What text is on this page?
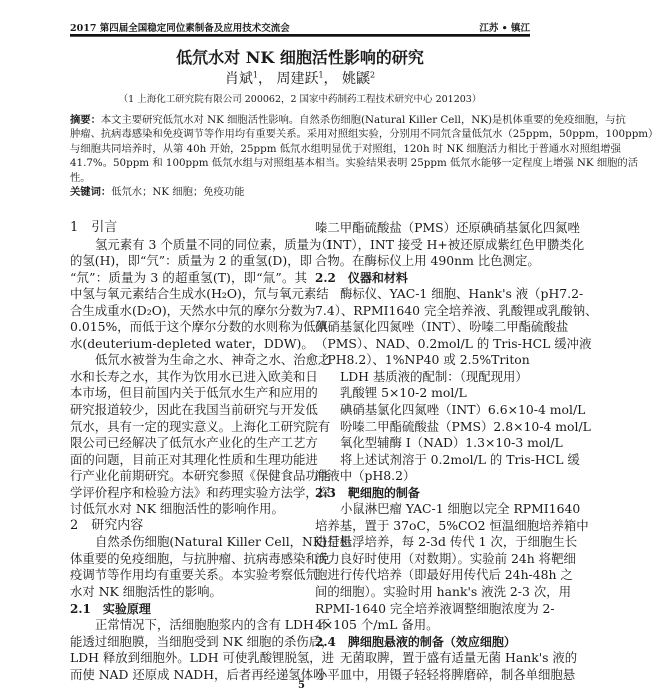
2017 第四届全国稳定同位素制备及应用技术交流会	江苏 • 镇江
低氘水对 NK 细胞活性影响的研究
肖斌$^1$， 周建跃$^1$， 姚鼷$^2$
（1 上海化工研究院有限公司 200062，2 国家中药制药工程技术研究中心 201203）
摘要：本文主要研究低氘水对 NK 细胞活性影响。自然杀伤细胞(Natural Killer Cell，NK)是机体重要的免疫细胞，与抗
肿瘤、抗病毒感染和免疫调节等作用均有重要关系。采用对照组实验，分别用不同氘含量低氘水（25ppm，50ppm，100ppm）
与细胞共同培养时，从第 40h 开始，25ppm 低氘水组明显优于对照组，120h 时 NK 细胞活力相比于普通水对照组增强
41.7%。50ppm 和 100ppm 低氘水组与对照组基本相当。实验结果表明 25ppm 低氘水能够一定程度上增强 NK 细胞的活
性。
关键词：低氘水；NK 细胞；免疫功能
1　引言
氢元素有 3 个质量不同的同位素，质量为 1
的氢(H)，即“氕”：质量为 2 的重氢(D)，即
“氘”：质量为 3 的超重氢(T)，即“氚”。其
中氢与氧元素结合生成水(H₂O)，氘与氧元素结
合生成重水(D₂O)，天然水中氘的摩尔分数为
0.015%，而低于这个摩尔分数的水则称为低氘
水(deuterium-depleted water，DDW)。
低氘水被誉为生命之水、神奇之水、治愈之
水和长寿之水，其作为饮用水已进入欧美和日
本市场，但目前国内关于低氘水生产和应用的
研究报道较少，因此在我国当前研究与开发低
氘水，具有一定的现实意义。上海化工研究院有
限公司已经解决了低氘水产业化的生产工艺方
面的问题，目前正对其理化性质和生理功能进
行产业化前期研究。本研究参照《保健食品功能
学评价程序和检验方法》和药理实验方法学，探
讨低氘水对 NK 细胞活性的影响作用。
2　研究内容
自然杀伤细胞(Natural Killer Cell，NK)是机
体重要的免疫细胞，与抗肿瘤、抗病毒感染和免
疫调节等作用均有重要关系。本实验考察低氘
水对 NK 细胞活性的影响。
2.1　实验原理
正常情况下，活细胞胞浆内的含有 LDH 不
能透过细胞膜，当细胞受到 NK 细胞的杀伤后，
LDH 释放到细胞外。LDH 可使乳酸锂脱氢，进
而使 NAD 还原成 NADH，后者再经递氢体吩
嗪二甲酯硫酸盐（PMS）还原碘硝基氯化四氮唑
（INT），INT 接受 H+被还原成紫红色甲臜类化
合物。在酶标仪上用 490nm 比色测定。
2.2　仪器和材料
酶标仪、YAC-1 细胞、Hank's 液（pH7.2-
7.4）、RPMI1640 完全培养液、乳酸锂或乳酸钠、
碘硝基氯化四氮唑（INT）、吩嗪二甲酯硫酸盐
（PMS）、NAD、0.2mol/L 的 Tris-HCL 缓冲液
（PH8.2）、1%NP40 或 2.5%Triton
LDH 基质液的配制：（现配现用）
乳酸锂 5×10-2 mol/L
碘硝基氯化四氮唑（INT）6.6×10-4 mol/L
吩嗪二甲酯硫酸盐（PMS）2.8×10-4 mol/L
氧化型辅酶 I（NAD）1.3×10-3 mol/L
将上述试剂溶于 0.2mol/L 的 Tris-HCL 缓
冲液中（pH8.2）
2.3　靶细胞的制备
小鼠淋巴瘤 YAC-1 细胞以完全 RPMI1640
培养基，置于 37oC，5%CO2 恒温细胞培养箱中
进行悬浮培养，每 2-3d 传代 1 次，于细胞生长
活力良好时使用（对数期）。实验前 24h 将靶细
胞进行传代培养（即最好用传代后 24h-48h 之
间的细胞）。实验时用 hank's 液洗 2-3 次，用
RPMI-1640 完全培养液调整细胞浓度为 2-
4×105 个/mL 备用。
2.4　脾细胞悬液的制备（效应细胞）
无菌取脾，置于盛有适量无菌 Hank's 液的
小平皿中，用镊子轻轻将脾磨碎，制各单细胞悬
5
